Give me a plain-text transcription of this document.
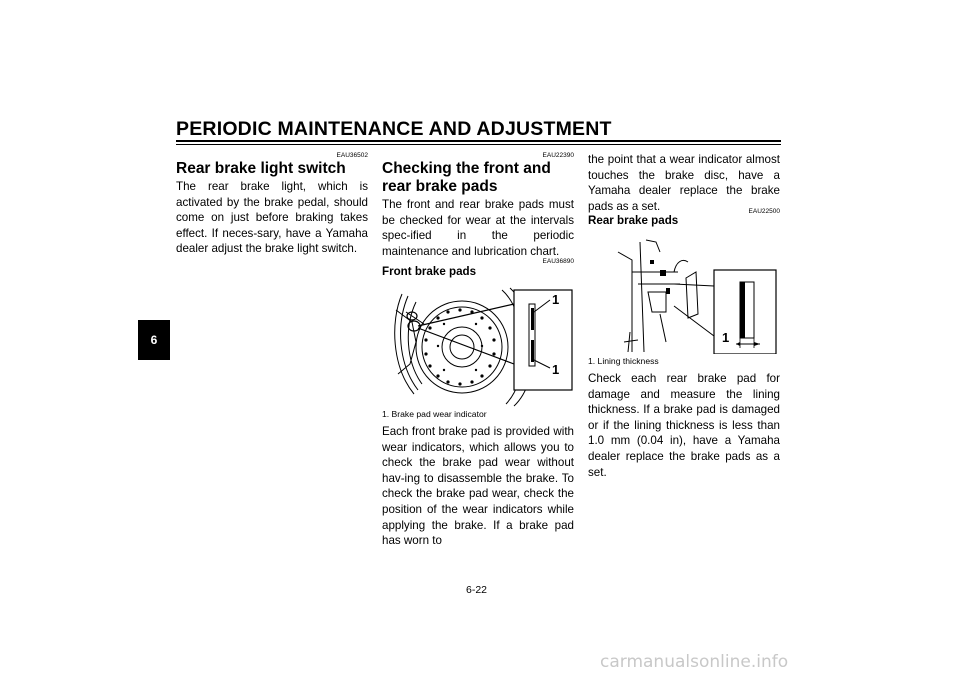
PERIODIC MAINTENANCE AND ADJUSTMENT
6
EAU36502
Rear brake light switch

The rear brake light, which is activated by the brake pedal, should come on just before braking takes effect. If neces-sary, have a Yamaha dealer adjust the brake light switch.

EAU22390
Checking the front and rear brake pads

The front and rear brake pads must be checked for wear at the intervals spec-ified in the periodic maintenance and lubrication chart.

EAU36890
Front brake pads
1
1
1. Brake pad wear indicator

Each front brake pad is provided with wear indicators, which allows you to check the brake pad wear without hav-ing to disassemble the brake. To check the brake pad wear, check the position of the wear indicators while applying the brake. If a brake pad has worn to

the point that a wear indicator almost touches the brake disc, have a Yamaha dealer replace the brake pads as a set.	EAU22500
Rear brake pads
1
1. Lining thickness

Check each rear brake pad for damage and measure the lining thickness. If a brake pad is damaged or if the lining thickness is less than 1.0 mm (0.04 in), have a Yamaha dealer replace the brake pads as a set.

6-22
carmanualsonline.info
